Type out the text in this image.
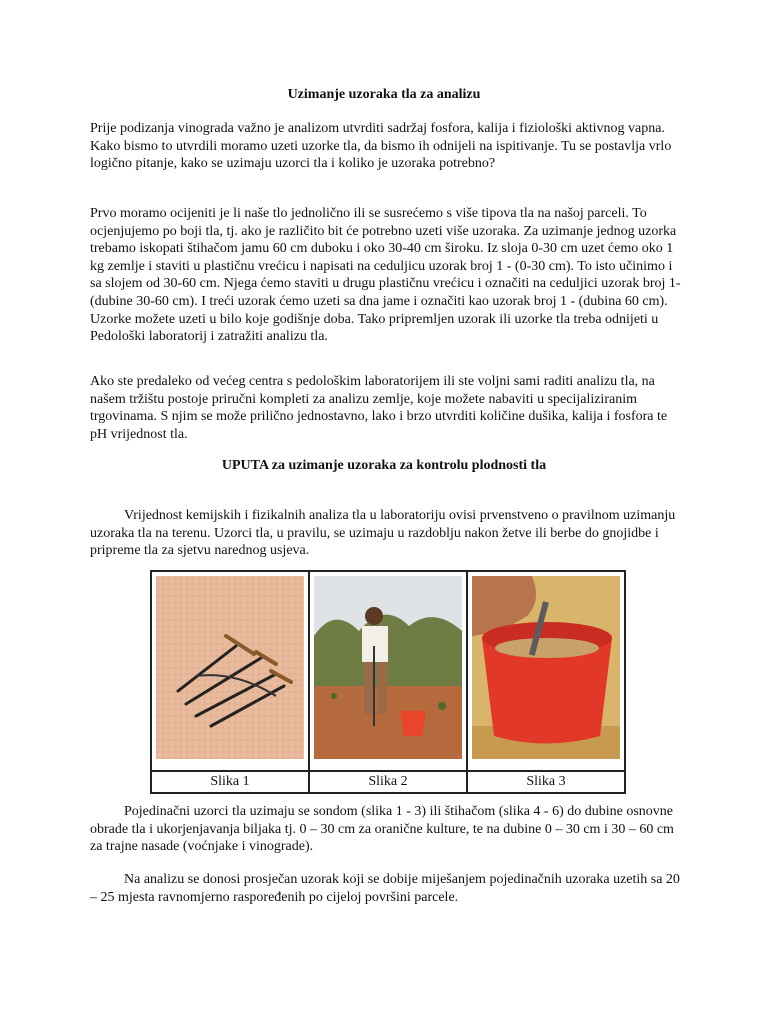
Uzimanje uzoraka tla za analizu
Prije podizanja vinograda važno je analizom utvrditi sadržaj fosfora, kalija i fiziološki aktivnog vapna. Kako bismo to utvrdili moramo uzeti uzorke tla, da bismo ih odnijeli na ispitivanje. Tu se postavlja vrlo logično pitanje, kako se uzimaju uzorci tla i koliko je uzoraka potrebno?
Prvo moramo ocijeniti je li naše tlo jednolično ili se susrećemo s više tipova tla na našoj parceli. To ocjenjujemo po boji tla, tj. ako je različito bit će potrebno uzeti više uzoraka. Za uzimanje jednog uzorka trebamo iskopati štihačom jamu 60 cm duboku i oko 30-40 cm široku. Iz sloja 0-30 cm uzet ćemo oko 1 kg zemlje i staviti u plastičnu vrećicu i napisati na ceduljicu uzorak broj 1 - (0-30 cm). To isto učinimo i sa slojem od 30-60 cm. Njega ćemo staviti u drugu plastičnu vrećicu i označiti na ceduljici uzorak broj 1- (dubine 30-60 cm). I treći uzorak ćemo uzeti sa dna jame i označiti kao uzorak broj 1 - (dubina 60 cm). Uzorke možete uzeti u bilo koje godišnje doba. Tako pripremljen uzorak ili uzorke tla treba odnijeti u Pedološki laboratorij i zatražiti analizu tla.
Ako ste predaleko od većeg centra s pedološkim laboratorijem ili ste voljni sami raditi analizu tla, na našem tržištu postoje priručni kompleti za analizu zemlje, koje možete nabaviti u specijaliziranim trgovinama. S njim se može prilično jednostavno, lako i brzo utvrditi količine dušika, kalija i fosfora te pH vrijednost tla.
UPUTA za uzimanje uzoraka za kontrolu plodnosti tla
Vrijednost kemijskih i fizikalnih analiza tla u laboratoriju ovisi prvenstveno o pravilnom uzimanju uzoraka tla na terenu. Uzorci tla, u pravilu, se uzimaju u razdoblju nakon žetve ili berbe do gnojidbe i pripreme tla za sjetvu narednog usjeva.

Slika 1	Slika 2	Slika 3
Pojedinačni uzorci tla uzimaju se sondom (slika 1 - 3) ili štihačom (slika 4 - 6) do dubine osnovne obrade tla i ukorjenjavanja biljaka tj. 0 – 30 cm za oranične kulture, te na dubine 0 – 30 cm i 30 – 60 cm za trajne nasade (voćnjake i vinograde).
Na analizu se donosi prosječan uzorak koji se dobije miješanjem pojedinačnih uzoraka uzetih sa 20 – 25 mjesta ravnomjerno raspoređenih po cijeloj površini parcele.
